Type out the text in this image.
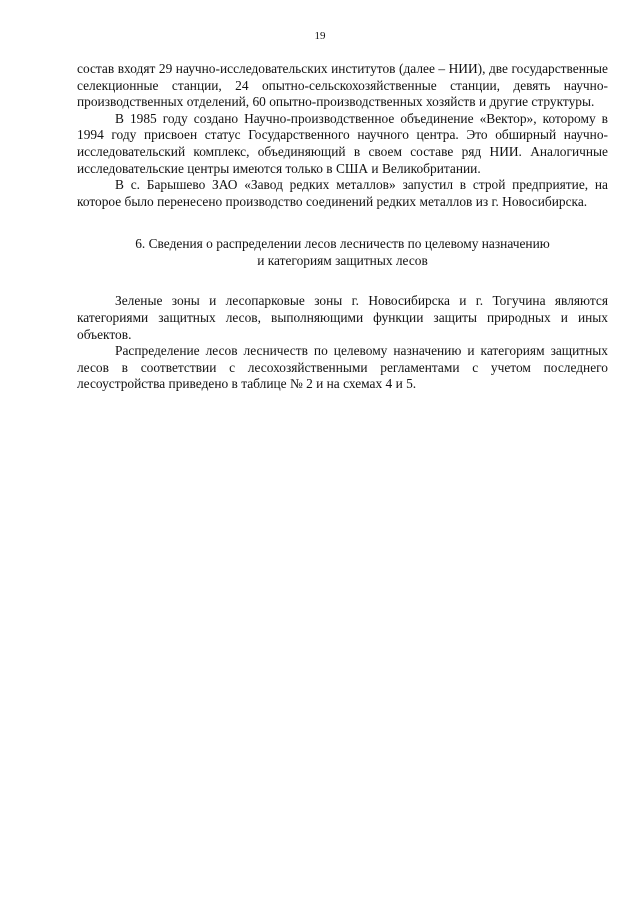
19

состав входят 29 научно-исследовательских институтов (далее – НИИ), две государственные селекционные станции, 24 опытно-сельскохозяйственные станции, девять научно-производственных отделений, 60 опытно-производственных хозяйств и другие структуры.

В 1985 году создано Научно-производственное объединение «Вектор», которому в 1994 году присвоен статус Государственного научного центра. Это обширный научно-исследовательский комплекс, объединяющий в своем составе ряд НИИ. Аналогичные исследовательские центры имеются только в США и Великобритании.

В с. Барышево ЗАО «Завод редких металлов» запустил в строй предприятие, на которое было перенесено производство соединений редких металлов из г. Новосибирска.

6. Сведения о распределении лесов лесничеств по целевому назначению
и категориям защитных лесов

Зеленые зоны и лесопарковые зоны г. Новосибирска и г. Тогучина являются категориями защитных лесов, выполняющими функции защиты природных и иных объектов.

Распределение лесов лесничеств по целевому назначению и категориям защитных лесов в соответствии с лесохозяйственными регламентами с учетом последнего лесоустройства приведено в таблице № 2 и на схемах 4 и 5.
